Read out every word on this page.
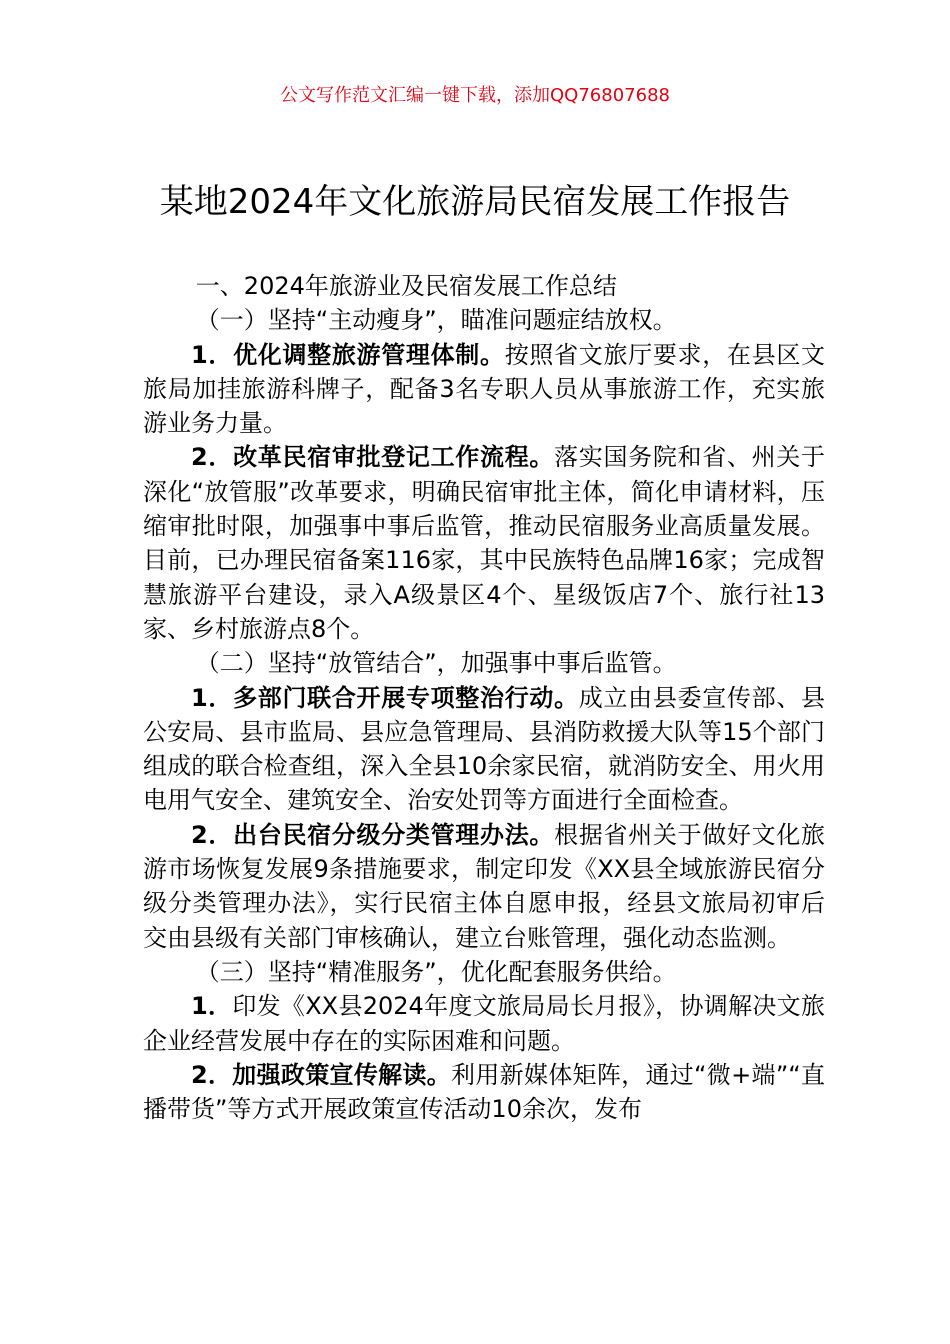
公文写作范文汇编一键下载，添加QQ76807688
某地2024年文化旅游局民宿发展工作报告

一、2024年旅游业及民宿发展工作总结

（一）坚持“主动瘦身”，瞄准问题症结放权。

1．优化调整旅游管理体制。按照省文旅厅要求，在县区文旅局加挂旅游科牌子，配备3名专职人员从事旅游工作，充实旅游业务力量。

2．改革民宿审批登记工作流程。落实国务院和省、州关于深化“放管服”改革要求，明确民宿审批主体，简化申请材料，压缩审批时限，加强事中事后监管，推动民宿服务业高质量发展。目前，已办理民宿备案116家，其中民族特色品牌16家；完成智慧旅游平台建设，录入A级景区4个、星级饭店7个、旅行社13家、乡村旅游点8个。

（二）坚持“放管结合”，加强事中事后监管。

1．多部门联合开展专项整治行动。成立由县委宣传部、县公安局、县市监局、县应急管理局、县消防救援大队等15个部门组成的联合检查组，深入全县10余家民宿，就消防安全、用火用电用气安全、建筑安全、治安处罚等方面进行全面检查。

2．出台民宿分级分类管理办法。根据省州关于做好文化旅游市场恢复发展9条措施要求，制定印发《XX县全域旅游民宿分级分类管理办法》，实行民宿主体自愿申报，经县文旅局初审后交由县级有关部门审核确认，建立台账管理，强化动态监测。

（三）坚持“精准服务”，优化配套服务供给。

1．印发《XX县2024年度文旅局局长月报》，协调解决文旅企业经营发展中存在的实际困难和问题。

2．加强政策宣传解读。利用新媒体矩阵，通过“微+端”“直播带货”等方式开展政策宣传活动10余次，发布
